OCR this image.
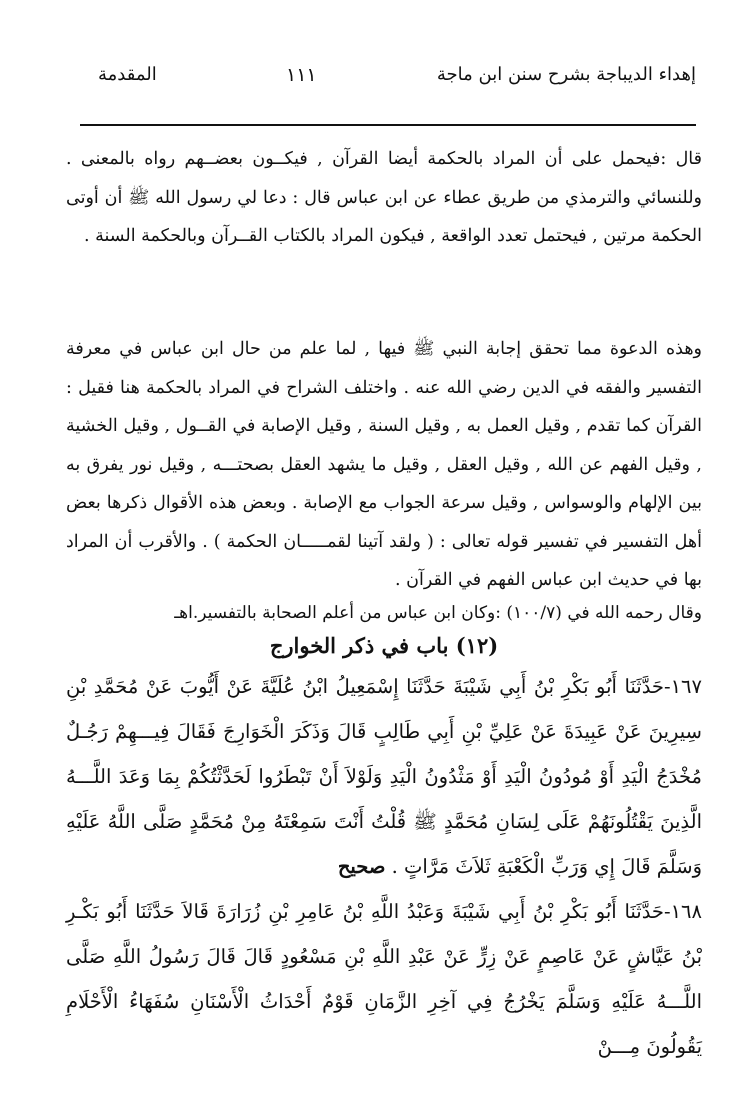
إهداء الديباجة بشرح سنن ابن ماجة
١١١
المقدمة

قال :فيحمل على أن المراد بالحكمة أيضا القرآن , فيكــون بعضــهم رواه بالمعنى . وللنسائي والترمذي من طريق عطاء عن ابن عباس قال : دعا لي رسول الله ﷺ أن أوتى الحكمة مرتين , فيحتمل تعدد الواقعة , فيكون المراد بالكتاب القــرآن وبالحكمة السنة .

وهذه الدعوة مما تحقق إجابة النبي ﷺ فيها , لما علم من حال ابن عباس في معرفة التفسير والفقه في الدين رضي الله عنه . واختلف الشراح في المراد بالحكمة هنا فقيل : القرآن كما تقدم , وقيل العمل به , وقيل السنة , وقيل الإصابة في القــول , وقيل الخشية , وقيل الفهم عن الله , وقيل العقل , وقيل ما يشهد العقل بصحتـــه , وقيل نور يفرق به بين الإلهام والوسواس , وقيل سرعة الجواب مع الإصابة . وبعض هذه الأقوال ذكرها بعض أهل التفسير في تفسير قوله تعالى : ( ولقد آتينا لقمـــــان الحكمة ) . والأقرب أن المراد بها في حديث ابن عباس الفهم في القرآن .

وقال رحمه الله في (١٠٠/٧) :وكان ابن عباس من أعلم الصحابة بالتفسير.اهـ

(١٢) باب في ذكر الخوارج

١٦٧-حَدَّثَنَا أَبُو بَكْرِ بْنُ أَبِي شَيْبَةَ حَدَّثَنَا إِسْمَعِيلُ ابْنُ عُلَيَّةَ عَنْ أَيُّوبَ عَنْ مُحَمَّدِ بْنِ سِيرِينَ عَنْ عَبِيدَةَ عَنْ عَلِيِّ بْنِ أَبِي طَالِبٍ قَالَ وَذَكَرَ الْخَوَارِجَ فَقَالَ فِيـــهِمْ رَجُـلٌ مُخْدَجُ الْيَدِ أَوْ مُودُونُ الْيَدِ أَوْ مَثْدُونُ الْيَدِ وَلَوْلاَ أَنْ تَبْطَرُوا لَحَدَّثْتُكُمْ بِمَا وَعَدَ اللَّـــهُ الَّذِينَ يَقْتُلُونَهُمْ عَلَى لِسَانِ مُحَمَّدٍ ﷺ قُلْتُ أَنْتَ سَمِعْتَهُ مِنْ مُحَمَّدٍ صَلَّى اللَّهُ عَلَيْهِ وَسَلَّمَ قَالَ إِي وَرَبِّ الْكَعْبَةِ ثَلاَثَ مَرَّاتٍ . صحيح

١٦٨-حَدَّثَنَا أَبُو بَكْرِ بْنُ أَبِي شَيْبَةَ وَعَبْدُ اللَّهِ بْنُ عَامِرِ بْنِ زُرَارَةَ قَالاَ حَدَّثَنَا أَبُو بَكْـرِ بْنُ عَيَّاشٍ عَنْ عَاصِمٍ عَنْ زِرٍّ عَنْ عَبْدِ اللَّهِ بْنِ مَسْعُودٍ قَالَ قَالَ رَسُولُ اللَّهِ صَلَّى اللَّـــهُ عَلَيْهِ وَسَلَّمَ يَخْرُجُ فِي آخِرِ الزَّمَانِ قَوْمٌ أَحْدَاثُ الْأَسْنَانِ سُفَهَاءُ الْأَحْلَامِ يَقُولُونَ مِـــنْ
